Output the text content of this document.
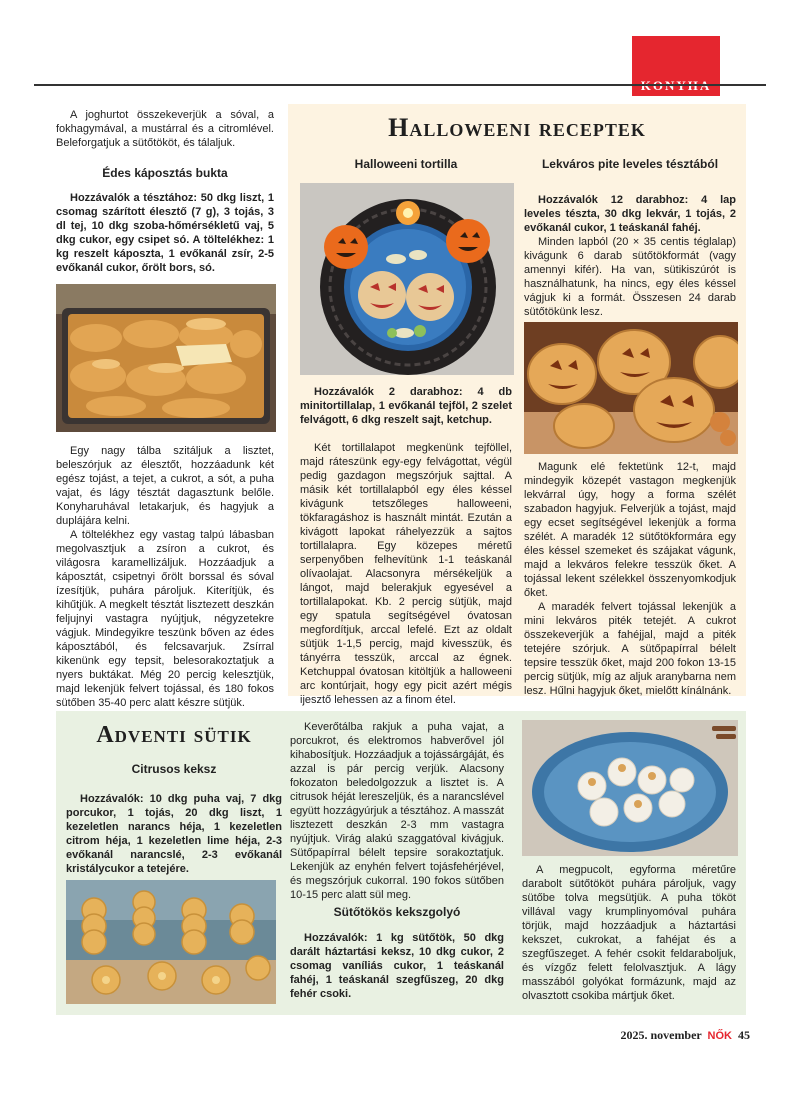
A joghurtot összekeverjük a sóval, a fokhagymával, a mustárral és a citromlével. Beleforgatjuk a sütőtököt, és tálaljuk.

Édes káposztás bukta

Hozzávalók a tésztához: 50 dkg liszt, 1 csomag szárított élesztő (7 g), 3 tojás, 3 dl tej, 10 dkg szoba-hőmérsékletű vaj, 5 dkg cukor, egy csipet só. A töltelékhez: 1 kg reszelt káposzta, 1 evőkanál zsír, 2-5 evőkanál cukor, őrölt bors, só.

Egy nagy tálba szitáljuk a lisztet, beleszórjuk az élesztőt, hozzáadunk két egész tojást, a tejet, a cukrot, a sót, a puha vajat, és lágy tésztát dagasztunk belőle. Konyharuhával letakarjuk, és hagyjuk a duplájára kelni.

A töltelékhez egy vastag talpú lábasban megolvasztjuk a zsíron a cukrot, és világosra karamellizáljuk. Hozzáadjuk a káposztát, csipetnyi őrölt borssal és sóval ízesítjük, puhára pároljuk. Kiterítjük, és kihűtjük. A megkelt tésztát lisztezett deszkán feljujnyi vastagra nyújtjuk, négyzetekre vágjuk. Mindegyikre teszünk bőven az édes káposztából, és felcsavarjuk. Zsírral kikenünk egy tepsit, belesorakoztatjuk a nyers buktákat. Még 20 percig kelesztjük, majd lekenjük felvert tojással, és 180 fokos sütőben 35-40 perc alatt készre sütjük.

Halloweeni receptek
Halloweeni tortilla	Lekváros pite leveles tésztából

Hozzávalók 2 darabhoz: 4 db minitortillalap, 1 evőkanál tejföl, 2 szelet felvágott, 6 dkg reszelt sajt, ketchup.

Két tortillalapot megkenünk tejföllel, majd ráteszünk egy-egy felvágottat, végül pedig gazdagon megszórjuk sajttal. A másik két tortillalapból egy éles késsel kivágunk tetszőleges halloweeni, tökfaragáshoz is használt mintát. Ezután a kivágott lapokat ráhelyezzük a sajtos tortillalapra. Egy közepes méretű serpenyőben felhevítünk 1-1 teáskanál olívaolajat. Alacsonyra mérsékeljük a lángot, majd belerakjuk egyesével a tortillalapokat. Kb. 2 percig sütjük, majd egy spatula segítségével óvatosan megfordítjuk, arccal lefelé. Ezt az oldalt sütjük 1-1,5 percig, majd kivesszük, és tányérra tesszük, arccal az égnek. Ketchuppal óvatosan kitöltjük a halloweeni arc kontúrjait, hogy egy picit azért mégis ijesztő lehessen az a finom étel.

Hozzávalók 12 darabhoz: 4 lap leveles tészta, 30 dkg lekvár, 1 tojás, 2 evőkanál cukor, 1 teáskanál fahéj.

Minden lapból (20 × 35 centis téglalap) kivágunk 6 darab sütőtökformát (vagy amennyi kifér). Ha van, sütikiszúrót is használhatunk, ha nincs, egy éles késsel vágjuk ki a formát. Összesen 24 darab sütőtökünk lesz.

Magunk elé fektetünk 12-t, majd mindegyik közepét vastagon megkenjük lekvárral úgy, hogy a forma szélét szabadon hagyjuk. Felverjük a tojást, majd egy ecset segítségével lekenjük a forma szélét. A maradék 12 sütőtökformára egy éles késsel szemeket és szájakat vágunk, majd a lekváros felekre tesszük őket. A tojással lekent szélekkel összenyomkodjuk őket.

A maradék felvert tojással lekenjük a mini lekváros piték tetejét. A cukrot összekeverjük a fahéjjal, majd a piték tetejére szórjuk. A sütőpapírral bélelt tepsire tesszük őket, majd 200 fokon 13-15 percig sütjük, míg az aljuk aranybarna nem lesz. Hűlni hagyjuk őket, mielőtt kínálnánk.

Adventi sütik
Citrusos keksz

Hozzávalók: 10 dkg puha vaj, 7 dkg porcukor, 1 tojás, 20 dkg liszt, 1 kezeletlen narancs héja, 1 kezeletlen citrom héja, 1 kezeletlen lime héja, 2-3 evőkanál narancslé, 2-3 evőkanál kristálycukor a tetejére.

Keverőtálba rakjuk a puha vajat, a porcukrot, és elektromos habverővel jól kihabosítjuk. Hozzáadjuk a tojássárgáját, és azzal is pár percig verjük. Alacsony fokozaton beledolgozzuk a lisztet is. A citrusok héját lereszeljük, és a narancslével együtt hozzágyúrjuk a tésztához. A masszát lisztezett deszkán 2-3 mm vastagra nyújtjuk. Virág alakú szaggatóval kivágjuk. Sütőpapírral bélelt tepsire sorakoztatjuk. Lekenjük az enyhén felvert tojásfehérjével, és megszórjuk cukorral. 190 fokos sütőben 10-15 perc alatt sül meg.

Sütőtökös kekszgolyó

Hozzávalók: 1 kg sütőtök, 50 dkg darált háztartási keksz, 10 dkg cukor, 2 csomag vaníliás cukor, 1 teáskanál fahéj, 1 teáskanál szegfűszeg, 20 dkg fehér csoki.

A megpucolt, egyforma méretűre darabolt sütőtököt puhára pároljuk, vagy sütőbe tolva megsütjük. A puha tököt villával vagy krumplinyomóval puhára törjük, majd hozzáadjuk a háztartási kekszet, cukrokat, a fahéjat és a szegfűszeget. A fehér csokit feldaraboljuk, és vízgőz felett felolvasztjuk. A lágy masszából golyókat formázunk, majd az olvasztott csokiba mártjuk őket.

2025. november NŐK 45
